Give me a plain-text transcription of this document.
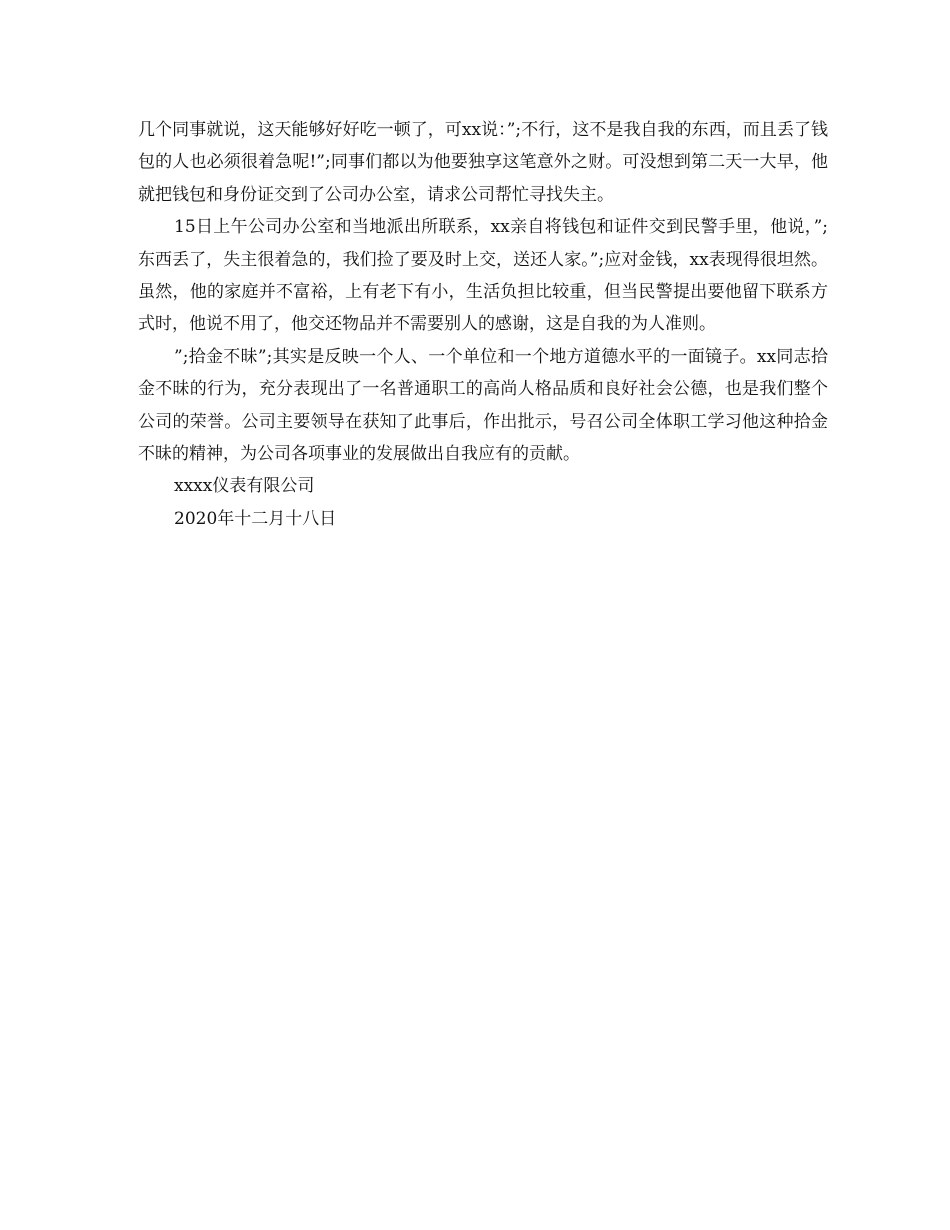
几个同事就说，这天能够好好吃一顿了，可xx说：”;不行，这不是我自我的东西，而且丢了钱包的人也必须很着急呢!”;同事们都以为他要独享这笔意外之财。可没想到第二天一大早，他就把钱包和身份证交到了公司办公室，请求公司帮忙寻找失主。

15日上午公司办公室和当地派出所联系，xx亲自将钱包和证件交到民警手里，他说，”;东西丢了，失主很着急的，我们捡了要及时上交，送还人家。”;应对金钱，xx表现得很坦然。虽然，他的家庭并不富裕，上有老下有小，生活负担比较重，但当民警提出要他留下联系方式时，他说不用了，他交还物品并不需要别人的感谢，这是自我的为人准则。

”;拾金不昧”;其实是反映一个人、一个单位和一个地方道德水平的一面镜子。xx同志拾金不昧的行为，充分表现出了一名普通职工的高尚人格品质和良好社会公德，也是我们整个公司的荣誉。公司主要领导在获知了此事后，作出批示，号召公司全体职工学习他这种拾金不昧的精神，为公司各项事业的发展做出自我应有的贡献。

xxxx仪表有限公司

2020年十二月十八日
